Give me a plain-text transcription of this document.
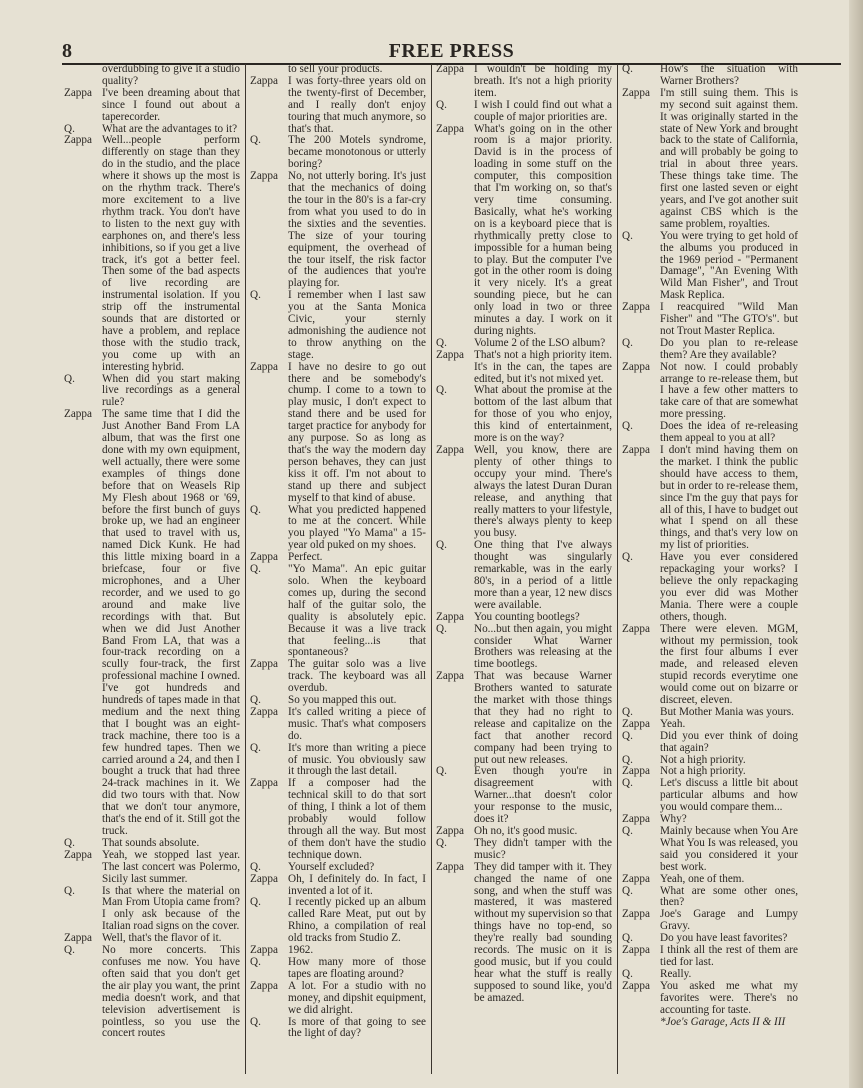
8	FREE PRESS
overdubbing to give it a studio quality?
Zappa I've been dreaming about that since I found out about a taperecorder.
Q.	What are the advantages to it?
Zappa Well...people perform differently on stage than they do in the studio, and the place where it shows up the most is on the rhythm track. There's more excitement to a live rhythm track. You don't have to listen to the next guy with earphones on, and there's less inhibitions, so if you get a live track, it's got a better feel. Then some of the bad aspects of live recording are instrumental isolation. If you strip off the instrumental sounds that are distorted or have a problem, and replace those with the studio track, you come up with an interesting hybrid.
Q.	When did you start making live recordings as a general rule?
Zappa The same time that I did the Just Another Band From LA album, that was the first one done with my own equipment, well actually, there were some examples of things done before that on Weasels Rip My Flesh about 1968 or '69, before the first bunch of guys broke up, we had an engineer that used to travel with us, named Dick Kunk. He had this little mixing board in a briefcase, four or five microphones, and a Uher recorder, and we used to go around and make live recordings with that. But when we did Just Another Band From LA, that was a four-track recording on a scully four-track, the first professional machine I owned. I've got hundreds and hundreds of tapes made in that medium and the next thing that I bought was an eight-track machine, there too is a few hundred tapes. Then we carried around a 24, and then I bought a truck that had three 24-track machines in it. We did two tours with that. Now that we don't tour anymore, that's the end of it. Still got the truck.
Q.	That sounds absolute.
Zappa Yeah, we stopped last year. The last concert was Polermo, Sicily last summer.
Q.	Is that where the material on Man From Utopia came from? I only ask because of the Italian road signs on the cover.
Zappa Well, that's the flavor of it.
Q.	No more concerts. This confuses me now. You have often said that you don't get the air play you want, the print media doesn't work, and that television advertisement is pointless, so you use the concert routes
to sell your products.
Zappa I was forty-three years old on the twenty-first of December, and I really don't enjoy touring that much anymore, so that's that.
Q.	The 200 Motels syndrome, became monotonous or utterly boring?
Zappa No, not utterly boring. It's just that the mechanics of doing the tour in the 80's is a far-cry from what you used to do in the sixties and the seventies. The size of your touring equipment, the overhead of the tour itself, the risk factor of the audiences that you're playing for.
Q.	I remember when I last saw you at the Santa Monica Civic, your sternly admonishing the audience not to throw anything on the stage.
Zappa I have no desire to go out there and be somebody's chump. I come to a town to play music, I don't expect to stand there and be used for target practice for anybody for any purpose. So as long as that's the way the modern day person behaves, they can just kiss it off. I'm not about to stand up there and subject myself to that kind of abuse.
Q.	What you predicted happened to me at the concert. While you played "Yo Mama" a 15-year old puked on my shoes.
Zappa Perfect.
Q.	"Yo Mama". An epic guitar solo. When the keyboard comes up, during the second half of the guitar solo, the quality is absolutely epic. Because it was a live track that feeling...is that spontaneous?
Zappa The guitar solo was a live track. The keyboard was all overdub.
Q.	So you mapped this out.
Zappa It's called writing a piece of music. That's what composers do.
Q.	It's more than writing a piece of music. You obviously saw it through the last detail.
Zappa If a composer had the technical skill to do that sort of thing, I think a lot of them probably would follow through all the way. But most of them don't have the studio technique down.
Q.	Yourself excluded?
Zappa Oh, I definitely do. In fact, I invented a lot of it.
Q.	I recently picked up an album called Rare Meat, put out by Rhino, a compilation of real old tracks from Studio Z.
Zappa 1962.
Q.	How many more of those tapes are floating around?
Zappa A lot. For a studio with no money, and dipshit equipment, we did alright.
Q.	Is more of that going to see the light of day?
Zappa I wouldn't be holding my breath. It's not a high priority item.
Q.	I wish I could find out what a couple of major priorities are.
Zappa What's going on in the other room is a major priority. David is in the process of loading in some stuff on the computer, this composition that I'm working on, so that's very time consuming. Basically, what he's working on is a keyboard piece that is rhythmically pretty close to impossible for a human being to play. But the computer I've got in the other room is doing it very nicely. It's a great sounding piece, but he can only load in two or three minutes a day. I work on it during nights.
Q.	Volume 2 of the LSO album?
Zappa That's not a high priority item. It's in the can, the tapes are edited, but it's not mixed yet.
Q.	What about the promise at the bottom of the last album that for those of you who enjoy, this kind of entertainment, more is on the way?
Zappa Well, you know, there are plenty of other things to occupy your mind. There's always the latest Duran Duran release, and anything that really matters to your lifestyle, there's always plenty to keep you busy.
Q.	One thing that I've always thought was singularly remarkable, was in the early 80's, in a period of a little more than a year, 12 new discs were available.
Zappa You counting bootlegs?
Q.	No...but then again, you might consider What Warner Brothers was releasing at the time bootlegs.
Zappa That was because Warner Brothers wanted to saturate the market with those things that they had no right to release and capitalize on the fact that another record company had been trying to put out new releases.
Q.	Even though you're in disagreement with Warner...that doesn't color your response to the music, does it?
Zappa Oh no, it's good music.
Q.	They didn't tamper with the music?
Zappa They did tamper with it. They changed the name of one song, and when the stuff was mastered, it was mastered without my supervision so that things have no top-end, so they're really bad sounding records. The music on it is good music, but if you could hear what the stuff is really supposed to sound like, you'd be amazed.
Q.	How's the situation with Warner Brothers?
Zappa I'm still suing them. This is my second suit against them. It was originally started in the state of New York and brought back to the state of California, and will probably be going to trial in about three years. These things take time. The first one lasted seven or eight years, and I've got another suit against CBS which is the same problem, royalties.
Q.	You were trying to get hold of the albums you produced in the 1969 period - "Permanent Damage", "An Evening With Wild Man Fisher", and Trout Mask Replica.
Zappa I reacquired "Wild Man Fisher" and "The GTO's". but not Trout Master Replica.
Q.	Do you plan to re-release them? Are they available?
Zappa Not now. I could probably arrange to re-release them, but I have a few other matters to take care of that are somewhat more pressing.
Q.	Does the idea of re-releasing them appeal to you at all?
Zappa I don't mind having them on the market. I think the public should have access to them, but in order to re-release them, since I'm the guy that pays for all of this, I have to budget out what I spend on all these things, and that's very low on my list of priorities.
Q.	Have you ever considered repackaging your works? I believe the only repackaging you ever did was Mother Mania. There were a couple others, though.
Zappa There were eleven. MGM, without my permission, took the first four albums I ever made, and released eleven stupid records everytime one would come out on bizarre or discreet, eleven.
Q.	But Mother Mania was yours.
Zappa Yeah.
Q.	Did you ever think of doing that again?
Q.	Not a high priority.
Zappa Not a high priority.
Q.	Let's discuss a little bit about particular albums and how you would compare them...
Zappa Why?
Q.	Mainly because when You Are What You Is was released, you said you considered it your best work.
Zappa Yeah, one of them.
Q.	What are some other ones, then?
Zappa Joe's Garage and Lumpy Gravy.
Q.	Do you have least favorites?
Zappa I think all the rest of them are tied for last.
Q.	Really.
Zappa You asked me what my favorites were. There's no accounting for taste.
*Joe's Garage, Acts II & III
